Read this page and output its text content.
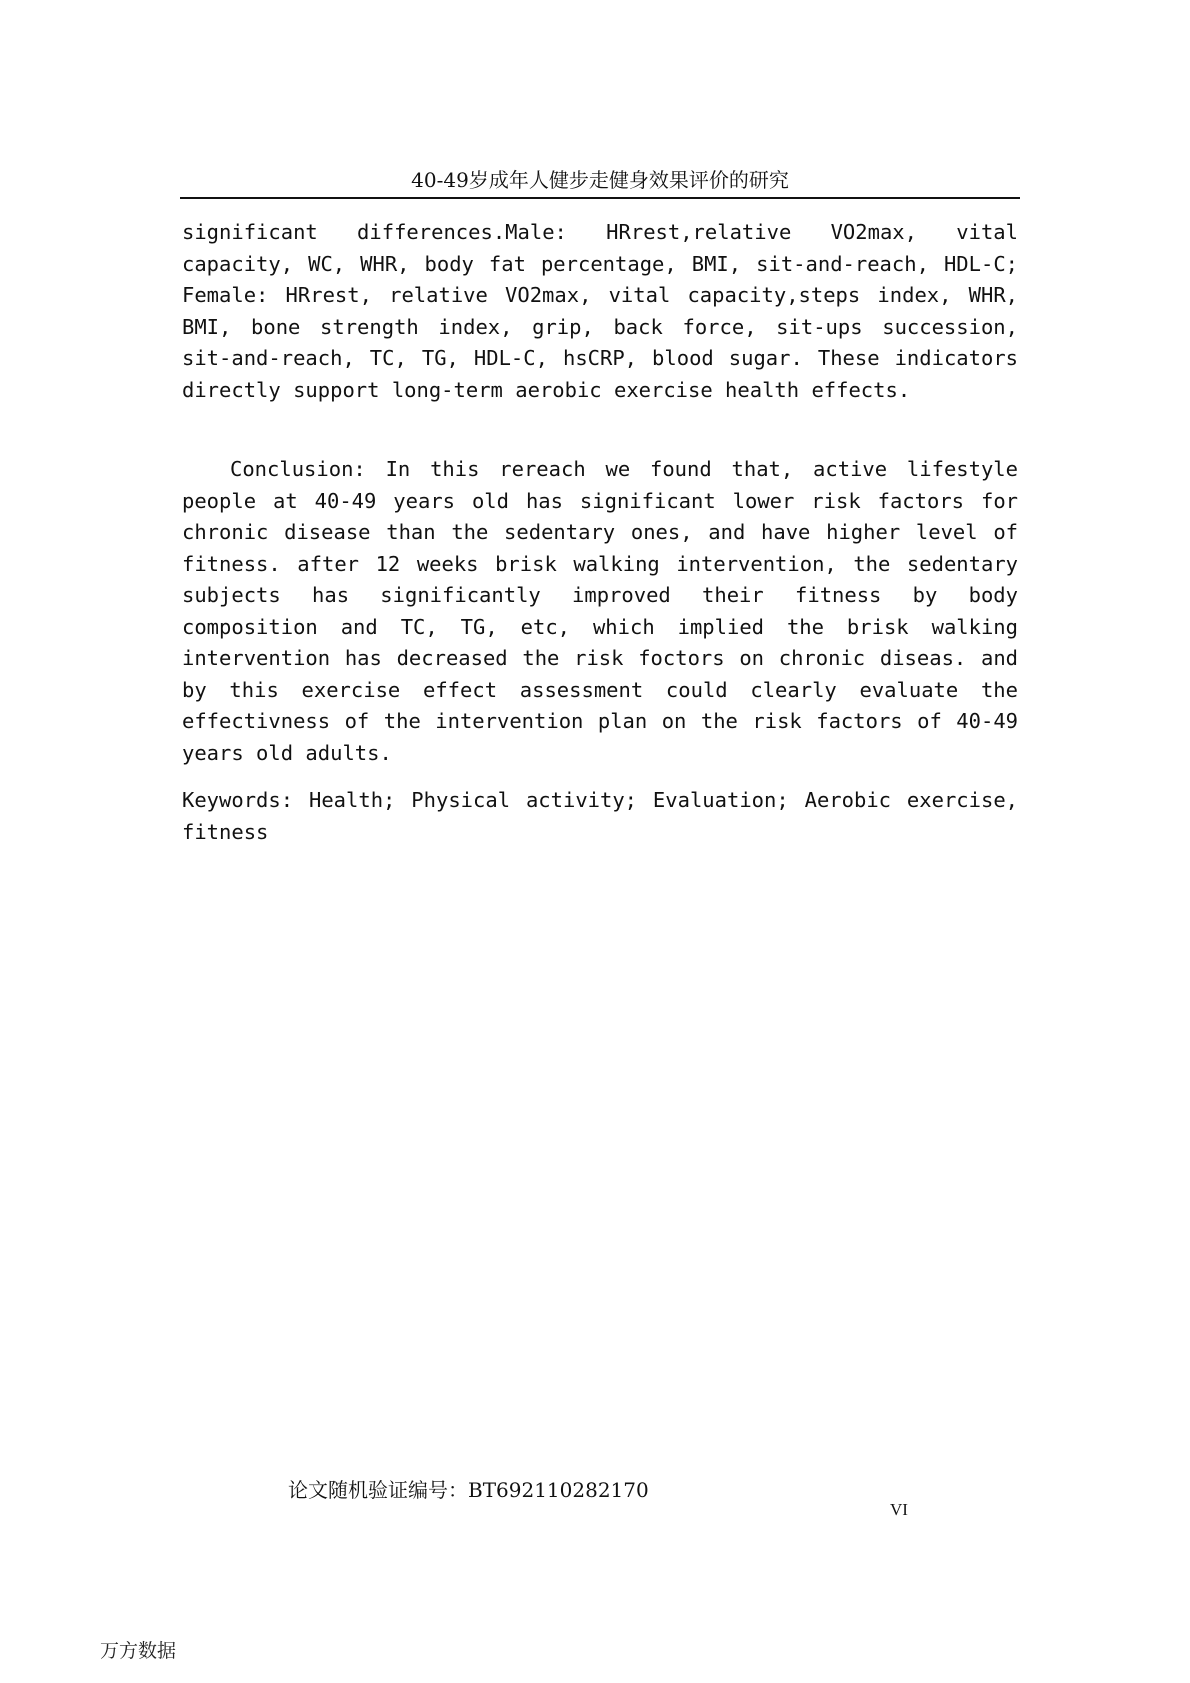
40-49岁成年人健步走健身效果评价的研究

significant differences.Male: HRrest,relative VO2max, vital capacity, WC, WHR, body fat percentage, BMI, sit-and-reach, HDL-C; Female: HRrest, relative VO2max, vital capacity,steps index, WHR, BMI, bone strength index, grip, back force, sit-ups succession, sit-and-reach, TC, TG, HDL-C, hsCRP, blood sugar. These indicators directly support long-term aerobic exercise health effects.

Conclusion: In this rereach we found that, active lifestyle people at 40-49 years old has significant lower risk factors for chronic disease than the sedentary ones, and have higher level of fitness. after 12 weeks brisk walking intervention, the sedentary subjects has significantly improved their fitness by body composition and TC, TG, etc, which implied the brisk walking intervention has decreased the risk foctors on chronic diseas. and by this exercise effect assessment could clearly evaluate the effectivness of the intervention plan on the risk factors of 40-49 years old adults.

Keywords: Health; Physical activity; Evaluation; Aerobic exercise, fitness

论文随机验证编号：BT692110282170
VI
万方数据
